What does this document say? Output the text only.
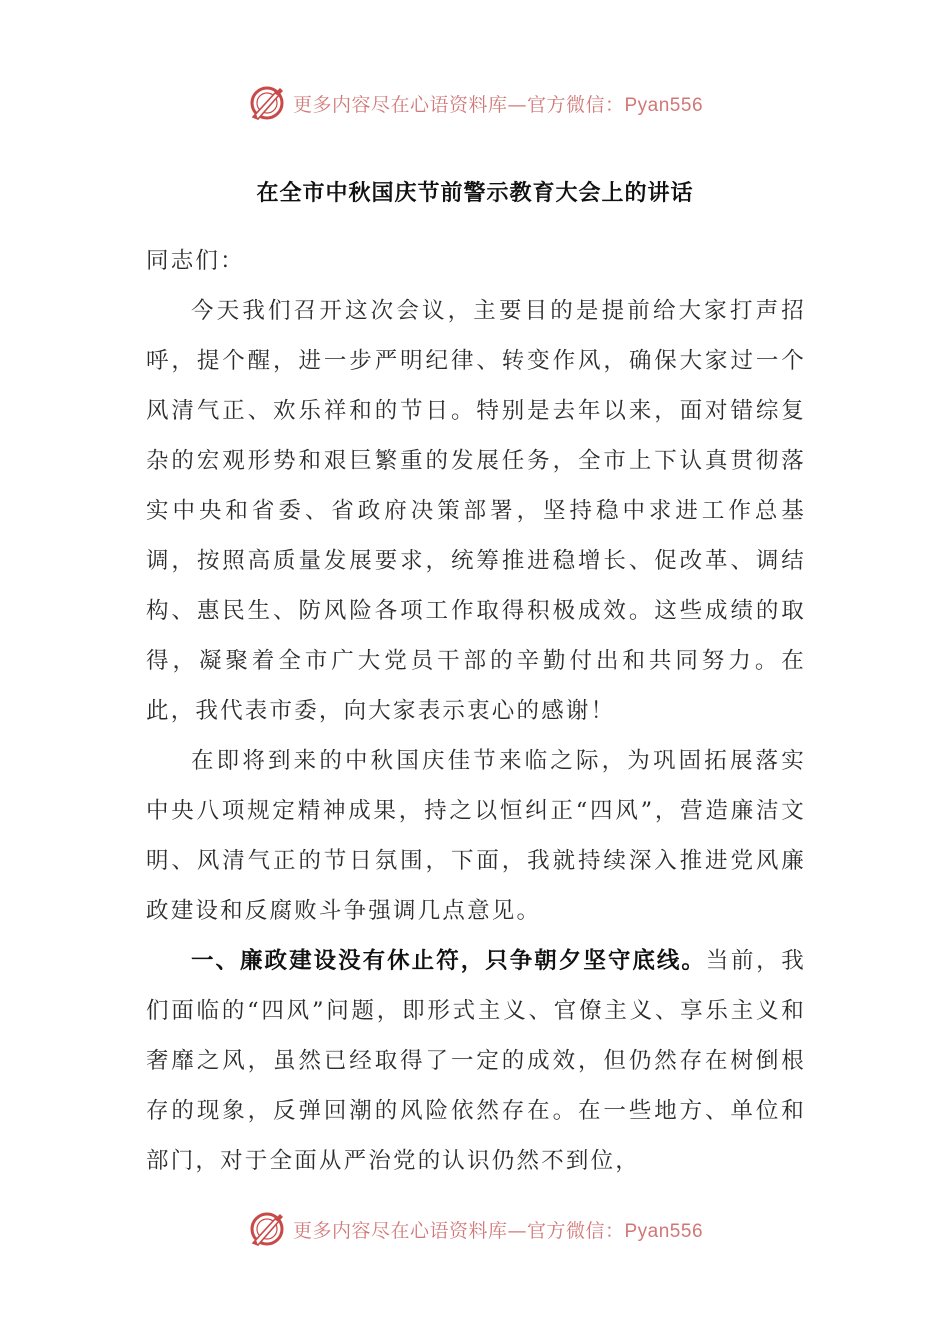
更多内容尽在心语资料库—官方微信：Pyan556
在全市中秋国庆节前警示教育大会上的讲话

同志们：

今天我们召开这次会议，主要目的是提前给大家打声招呼，提个醒，进一步严明纪律、转变作风，确保大家过一个风清气正、欢乐祥和的节日。特别是去年以来，面对错综复杂的宏观形势和艰巨繁重的发展任务，全市上下认真贯彻落实中央和省委、省政府决策部署，坚持稳中求进工作总基调，按照高质量发展要求，统筹推进稳增长、促改革、调结构、惠民生、防风险各项工作取得积极成效。这些成绩的取得，凝聚着全市广大党员干部的辛勤付出和共同努力。在此，我代表市委，向大家表示衷心的感谢！

在即将到来的中秋国庆佳节来临之际，为巩固拓展落实中央八项规定精神成果，持之以恒纠正“四风”，营造廉洁文明、风清气正的节日氛围，下面，我就持续深入推进党风廉政建设和反腐败斗争强调几点意见。

一、廉政建设没有休止符，只争朝夕坚守底线。当前，我们面临的“四风”问题，即形式主义、官僚主义、享乐主义和奢靡之风，虽然已经取得了一定的成效，但仍然存在树倒根存的现象，反弹回潮的风险依然存在。在一些地方、单位和部门，对于全面从严治党的认识仍然不到位，

更多内容尽在心语资料库—官方微信：Pyan556
